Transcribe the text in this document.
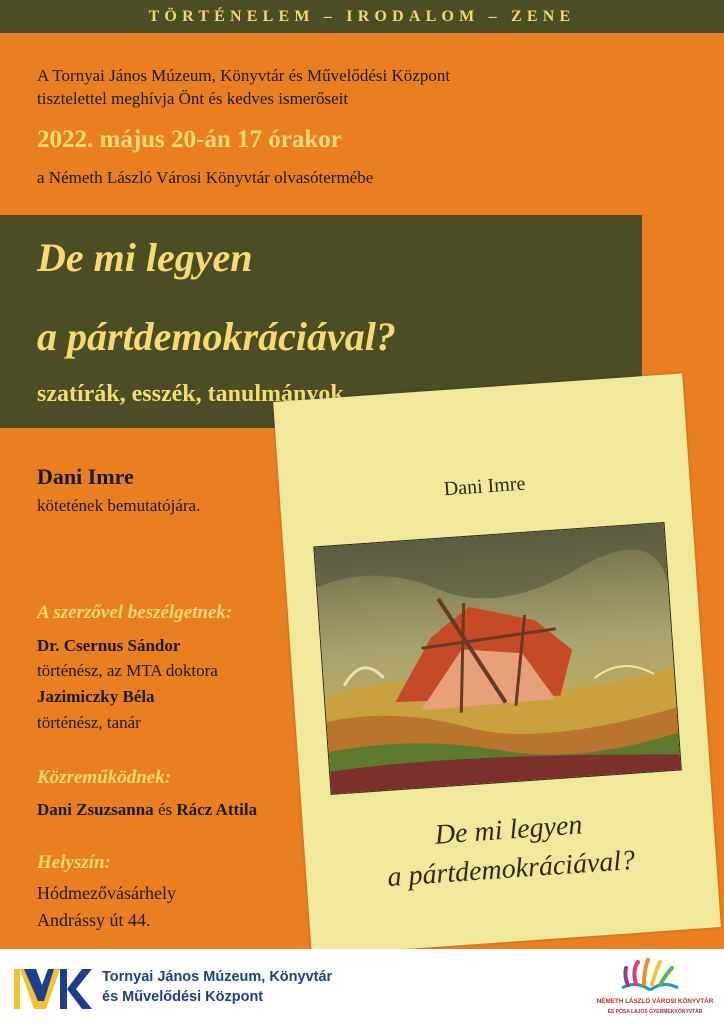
TÖRTÉNELEM – IRODALOM – ZENE
A Tornyai János Múzeum, Könyvtár és Művelődési Központ
tisztelettel meghívja Önt és kedves ismerőseit
2022. május 20-án 17 órakor
a Németh László Városi Könyvtár olvasótermébe
De mi legyen
a pártdemokráciával?
szatírák, esszék, tanulmányok
Dani Imre
kötetének bemutatójára.
A szerzővel beszélgetnek:
Dr. Csernus Sándor
történész, az MTA doktora
Jazimiczky Béla
történész, tanár
Közreműködnek:
Dani Zsuzsanna és Rácz Attila
Helyszín:
Hódmezővásárhely
Andrássy út 44.
Dani Imre
De mi legyen
a pártdemokráciával?
Tornyai János Múzeum, Könyvtár
és Művelődési Központ	NÉMETH LÁSZLÓ VÁROSI KÖNYVTÁR
ÉS PÓSA LAJOS GYERMEKKÖNYVTÁR
